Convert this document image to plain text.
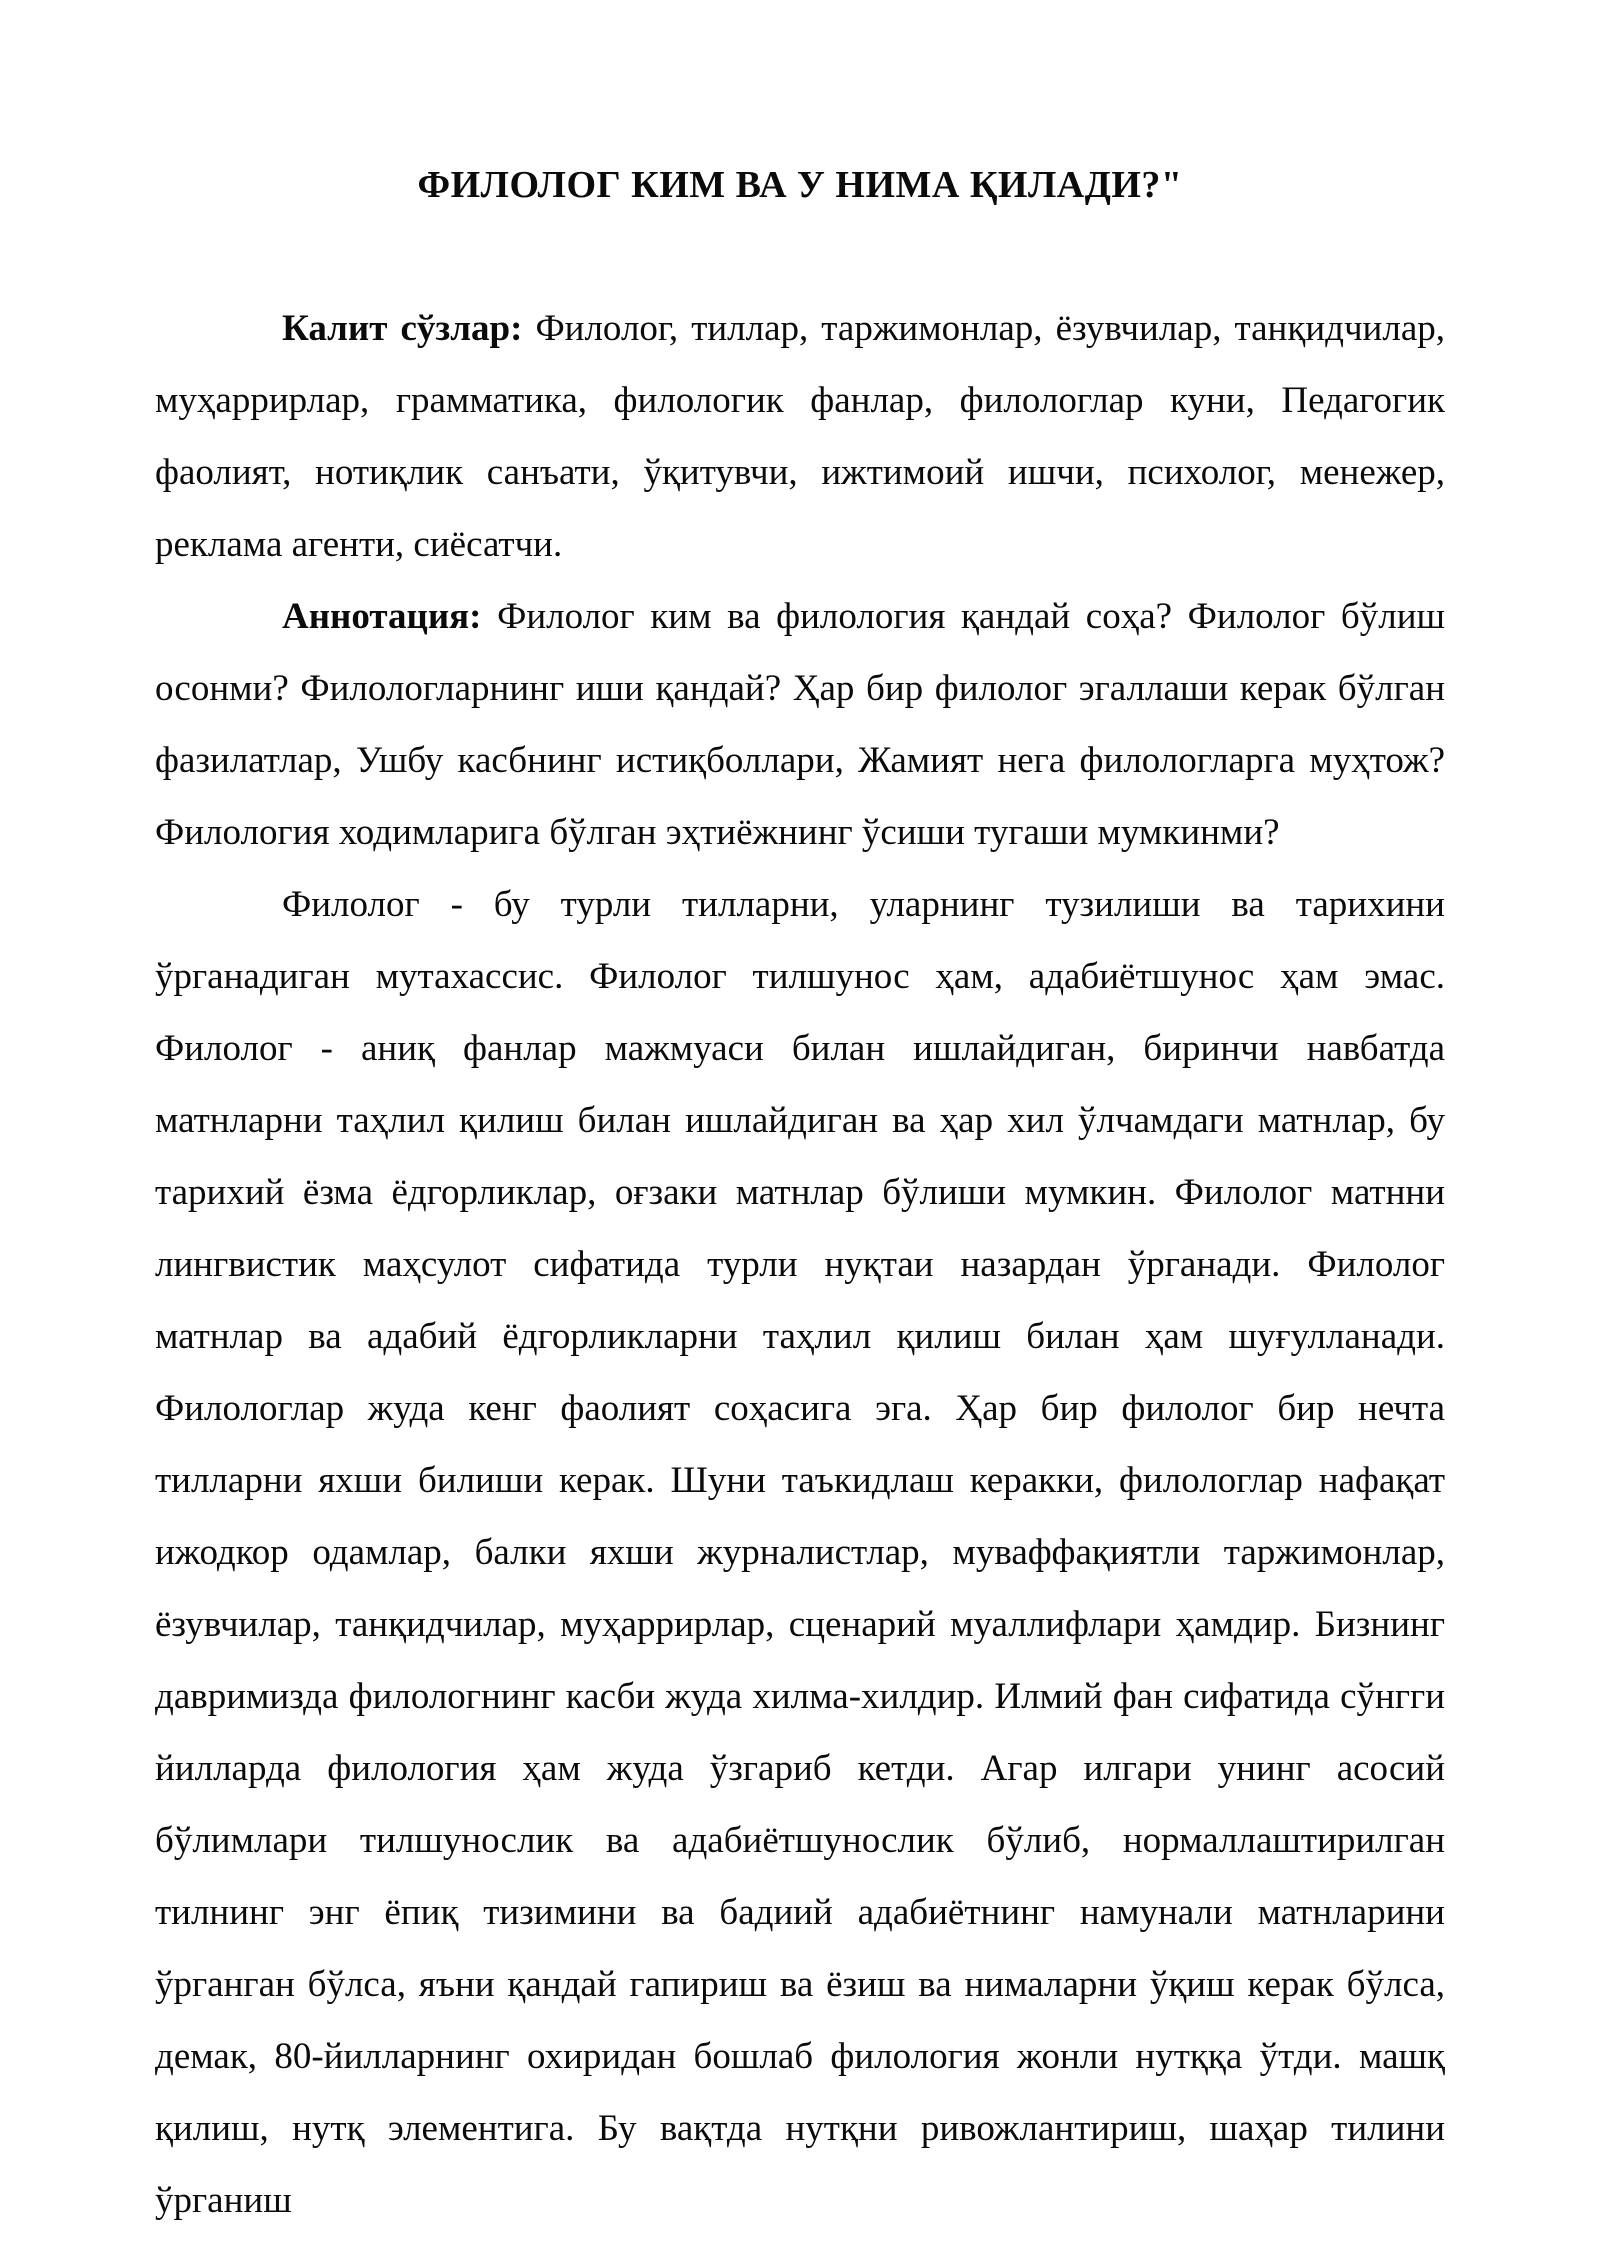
ФИЛОЛОГ КИМ ВА У НИМА ҚИЛАДИ?"

Калит сўзлар: Филолог, тиллар, таржимонлар, ёзувчилар, танқидчилар, муҳаррирлар, грамматика, филологик фанлар, филологлар куни, Педагогик фаолият, нотиқлик санъати, ўқитувчи, ижтимоий ишчи, психолог, менежер, реклама агенти, сиёсатчи.

Аннотация: Филолог ким ва филология қандай соҳа? Филолог бўлиш осонми? Филологларнинг иши қандай? Ҳар бир филолог эгаллаши керак бўлган фазилатлар, Ушбу касбнинг истиқболлари, Жамият нега филологларга муҳтож? Филология ходимларига бўлган эҳтиёжнинг ўсиши тугаши мумкинми?

Филолог - бу турли тилларни, уларнинг тузилиши ва тарихини ўрганадиган мутахассис. Филолог тилшунос ҳам, адабиётшунос ҳам эмас. Филолог - аниқ фанлар мажмуаси билан ишлайдиган, биринчи навбатда матнларни таҳлил қилиш билан ишлайдиган ва ҳар хил ўлчамдаги матнлар, бу тарихий ёзма ёдгорликлар, оғзаки матнлар бўлиши мумкин. Филолог матнни лингвистик маҳсулот сифатида турли нуқтаи назардан ўрганади. Филолог матнлар ва адабий ёдгорликларни таҳлил қилиш билан ҳам шуғулланади. Филологлар жуда кенг фаолият соҳасига эга. Ҳар бир филолог бир нечта тилларни яхши билиши керак. Шуни таъкидлаш керакки, филологлар нафақат ижодкор одамлар, балки яхши журналистлар, муваффақиятли таржимонлар, ёзувчилар, танқидчилар, муҳаррирлар, сценарий муаллифлари ҳамдир. Бизнинг давримизда филологнинг касби жуда хилма-хилдир. Илмий фан сифатида сўнгги йилларда филология ҳам жуда ўзгариб кетди. Агар илгари унинг асосий бўлимлари тилшунослик ва адабиётшунослик бўлиб, нормаллаштирилган тилнинг энг ёпиқ тизимини ва бадиий адабиётнинг намунали матнларини ўрганган бўлса, яъни қандай гапириш ва ёзиш ва нималарни ўқиш керак бўлса, демак, 80-йилларнинг охиридан бошлаб филология жонли нутққа ўтди. машқ қилиш, нутқ элементига. Бу вақтда нутқни ривожлантириш, шаҳар тилини ўрганиш
